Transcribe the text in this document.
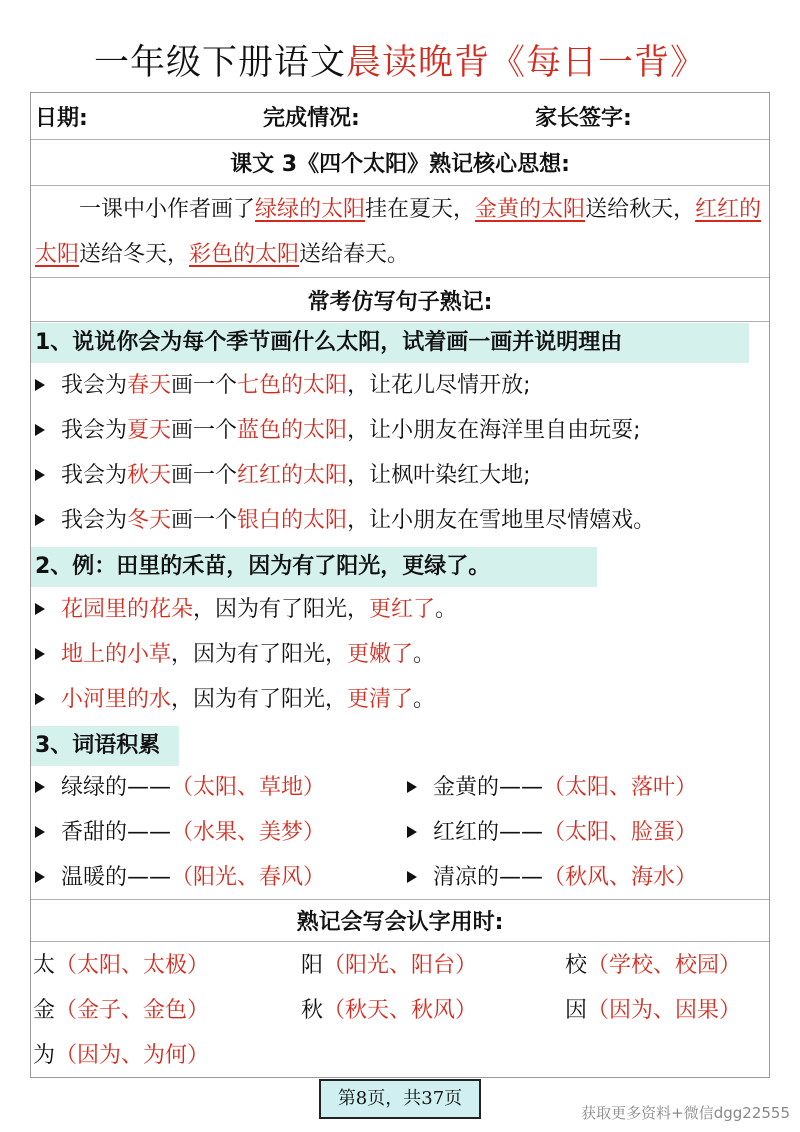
一年级下册语文晨读晚背《每日一背》
日期:	完成情况:	家长签字:
课文 3《四个太阳》熟记核心思想:
一课中小作者画了绿绿的太阳挂在夏天，金黄的太阳送给秋天，红红的太阳送给冬天，彩色的太阳送给春天。
常考仿写句子熟记:
1、说说你会为每个季节画什么太阳，试着画一画并说明理由
我会为春天画一个七色的太阳，让花儿尽情开放;
我会为夏天画一个蓝色的太阳，让小朋友在海洋里自由玩耍;
我会为秋天画一个红红的太阳，让枫叶染红大地;
我会为冬天画一个银白的太阳，让小朋友在雪地里尽情嬉戏。
2、例：田里的禾苗，因为有了阳光，更绿了。
花园里的花朵，因为有了阳光，更红了。
地上的小草，因为有了阳光，更嫩了。
小河里的水，因为有了阳光，更清了。
3、词语积累
绿绿的——（太阳、草地）	金黄的——（太阳、落叶）
香甜的——（水果、美梦）	红红的——（太阳、脸蛋）
温暖的——（阳光、春风）	清凉的——（秋风、海水）
熟记会写会认字用时:
太（太阳、太极）	阳（阳光、阳台）	校（学校、校园）
金（金子、金色）	秋（秋天、秋风）	因（因为、因果）
为（因为、为何）
第8页，共37页
获取更多资料+微信dgg22555
